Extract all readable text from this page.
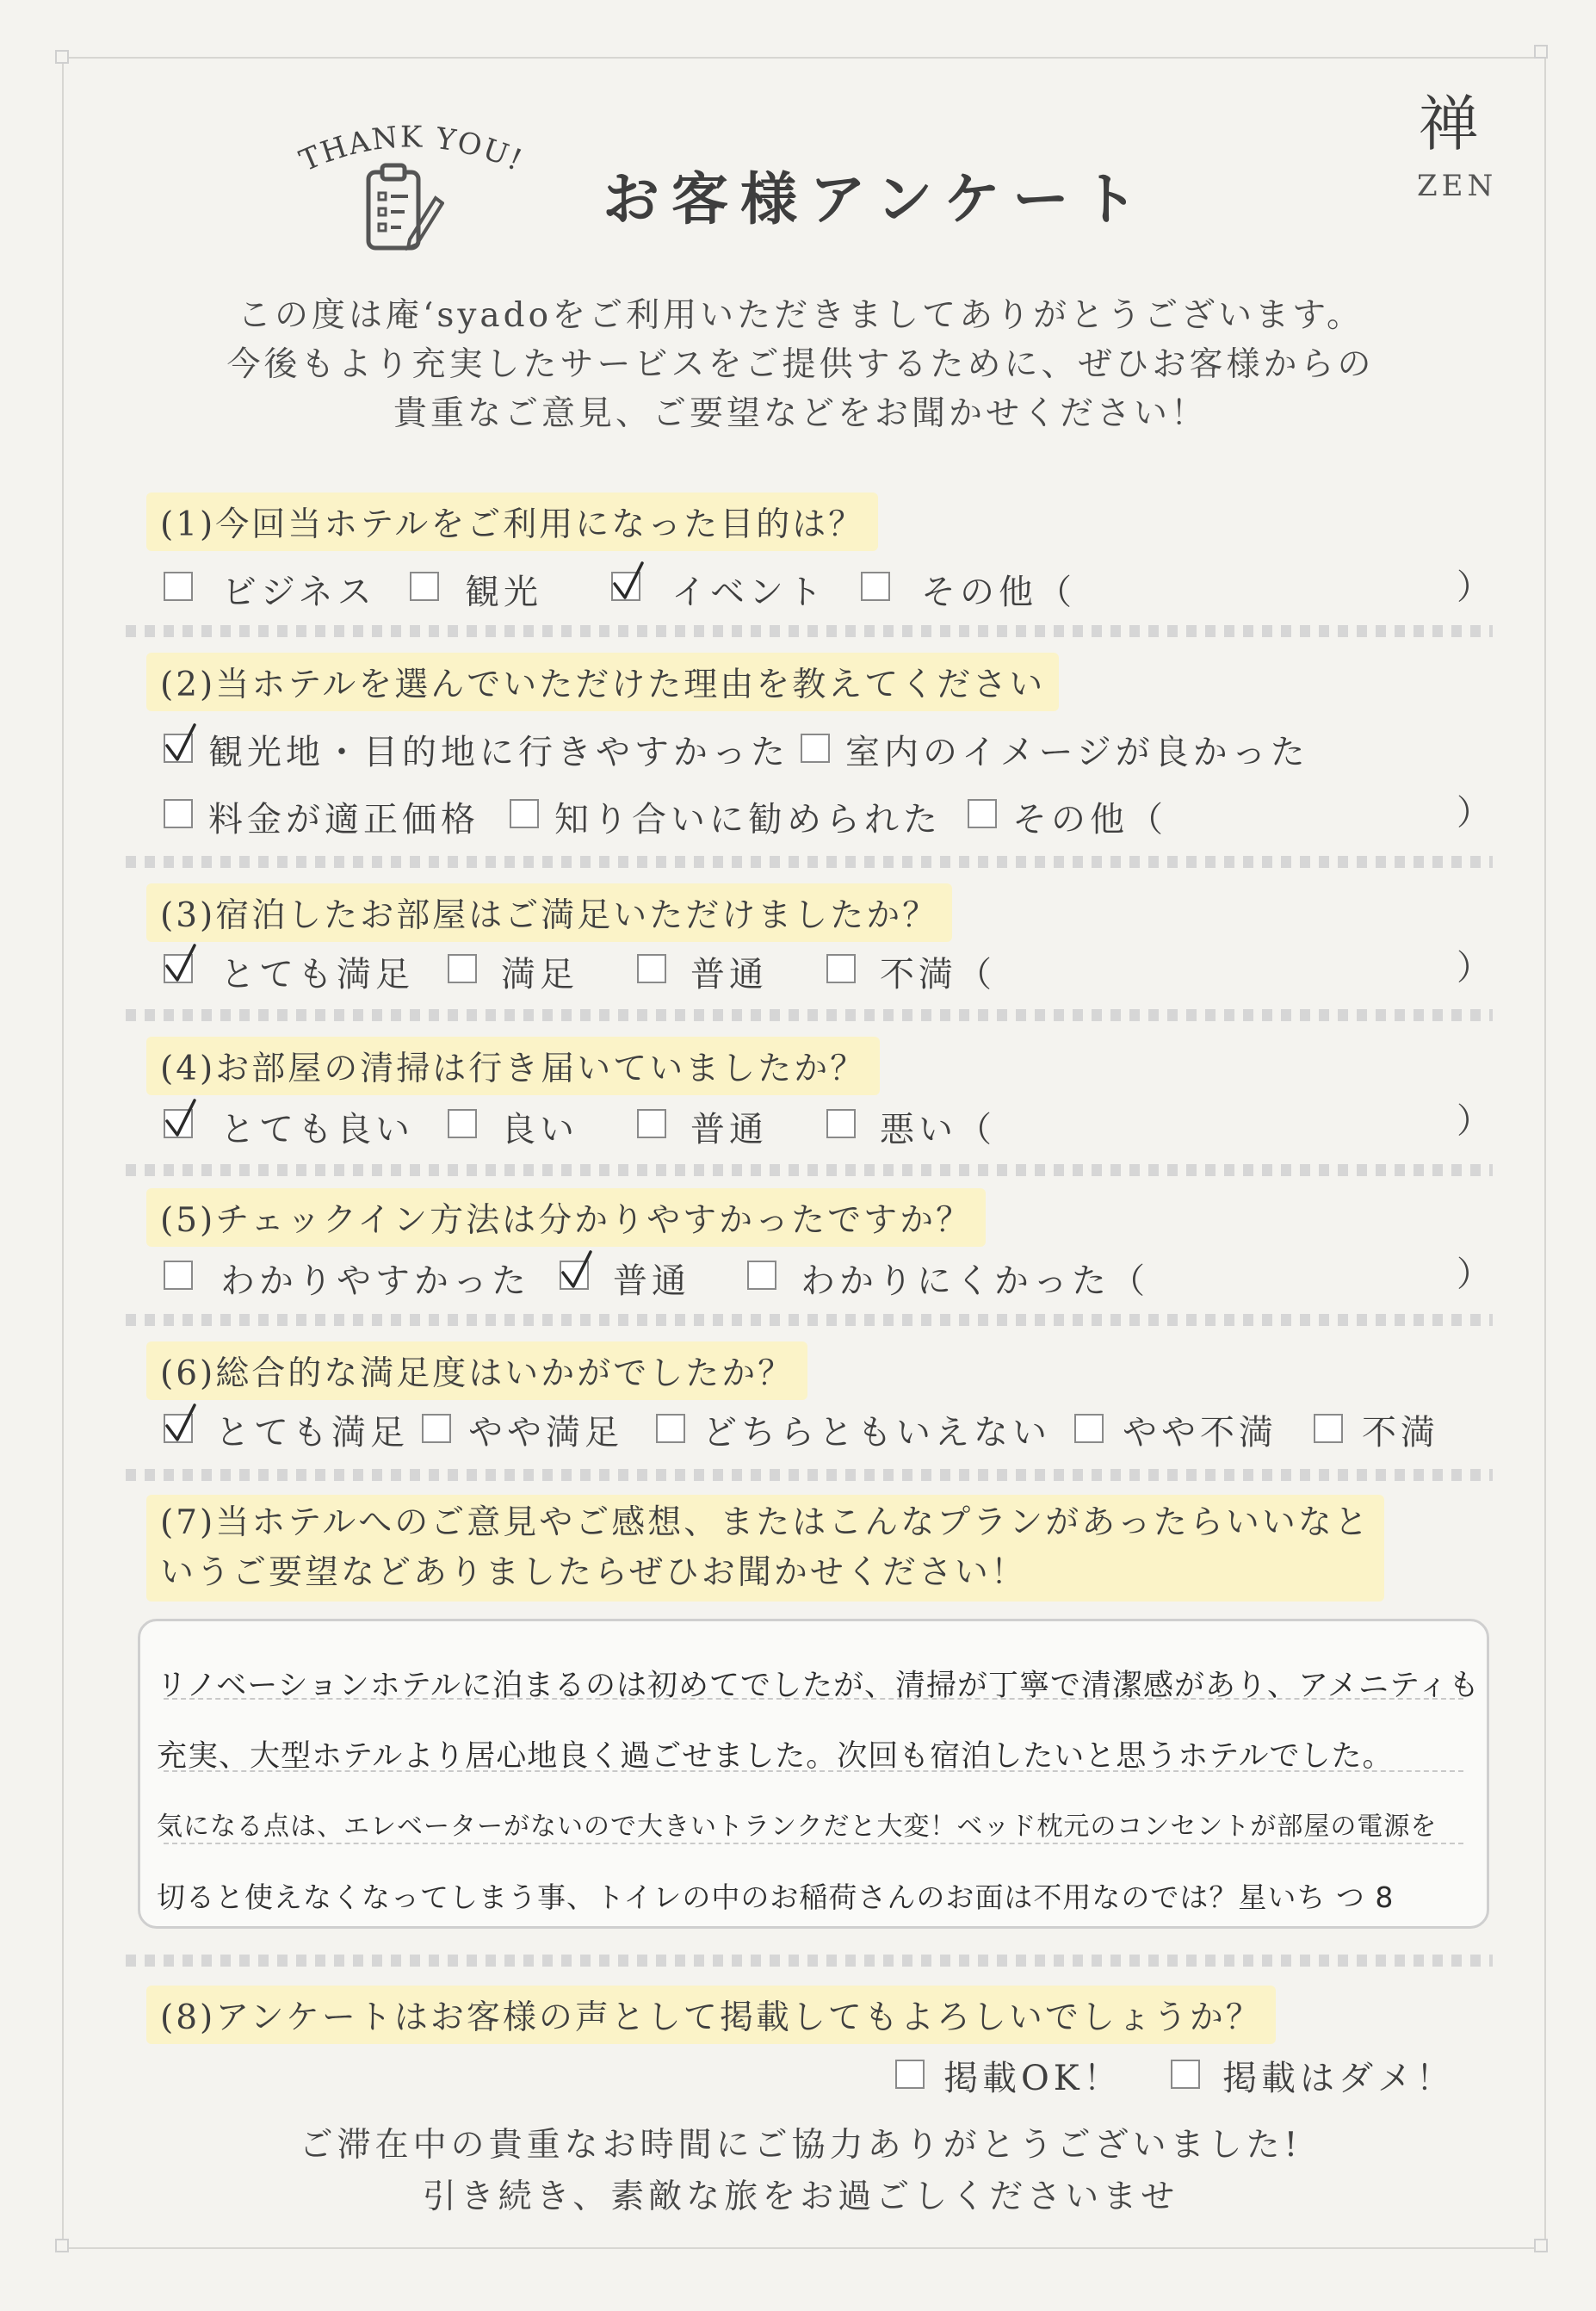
THANK YOU!
お客様アンケート
禅
ZEN
この度は庵‘syadoをご利用いただきましてありがとうございます。
今後もより充実したサービスをご提供するために、ぜひお客様からの
貴重なご意見、ご要望などをお聞かせください！
(1)今回当ホテルをご利用になった目的は？
ビジネス	観光	イベント	その他（	）
(2)当ホテルを選んでいただけた理由を教えてください
観光地・目的地に行きやすかった 室内のイメージが良かった
料金が適正価格 知り合いに勧められた その他（	）
(3)宿泊したお部屋はご満足いただけましたか？
とても満足	満足	普通	不満（	）
(4)お部屋の清掃は行き届いていましたか？
とても良い	良い	普通	悪い（	）
(5)チェックイン方法は分かりやすかったですか？
わかりやすかった 普通	わかりにくかった（	）
(6)総合的な満足度はいかがでしたか？
とても満足 やや満足 どちらともいえない やや不満 不満
(7)当ホテルへのご意見やご感想、またはこんなプランがあったらいいなと
いうご要望などありましたらぜひお聞かせください！
リノベーションホテルに泊まるのは初めてでしたが、清掃が丁寧で清潔感があり、アメニティも
充実、大型ホテルより居心地良く過ごせました。次回も宿泊したいと思うホテルでした。
気になる点は、エレベーターがないので大きいトランクだと大変！ベッド枕元のコンセントが部屋の電源を
切ると使えなくなってしまう事、トイレの中のお稲荷さんのお面は不用なのでは？星いち つ 8
(8)アンケートはお客様の声として掲載してもよろしいでしょうか？
掲載OK！	掲載はダメ！
ご滞在中の貴重なお時間にご協力ありがとうございました!
引き続き、素敵な旅をお過ごしくださいませ
